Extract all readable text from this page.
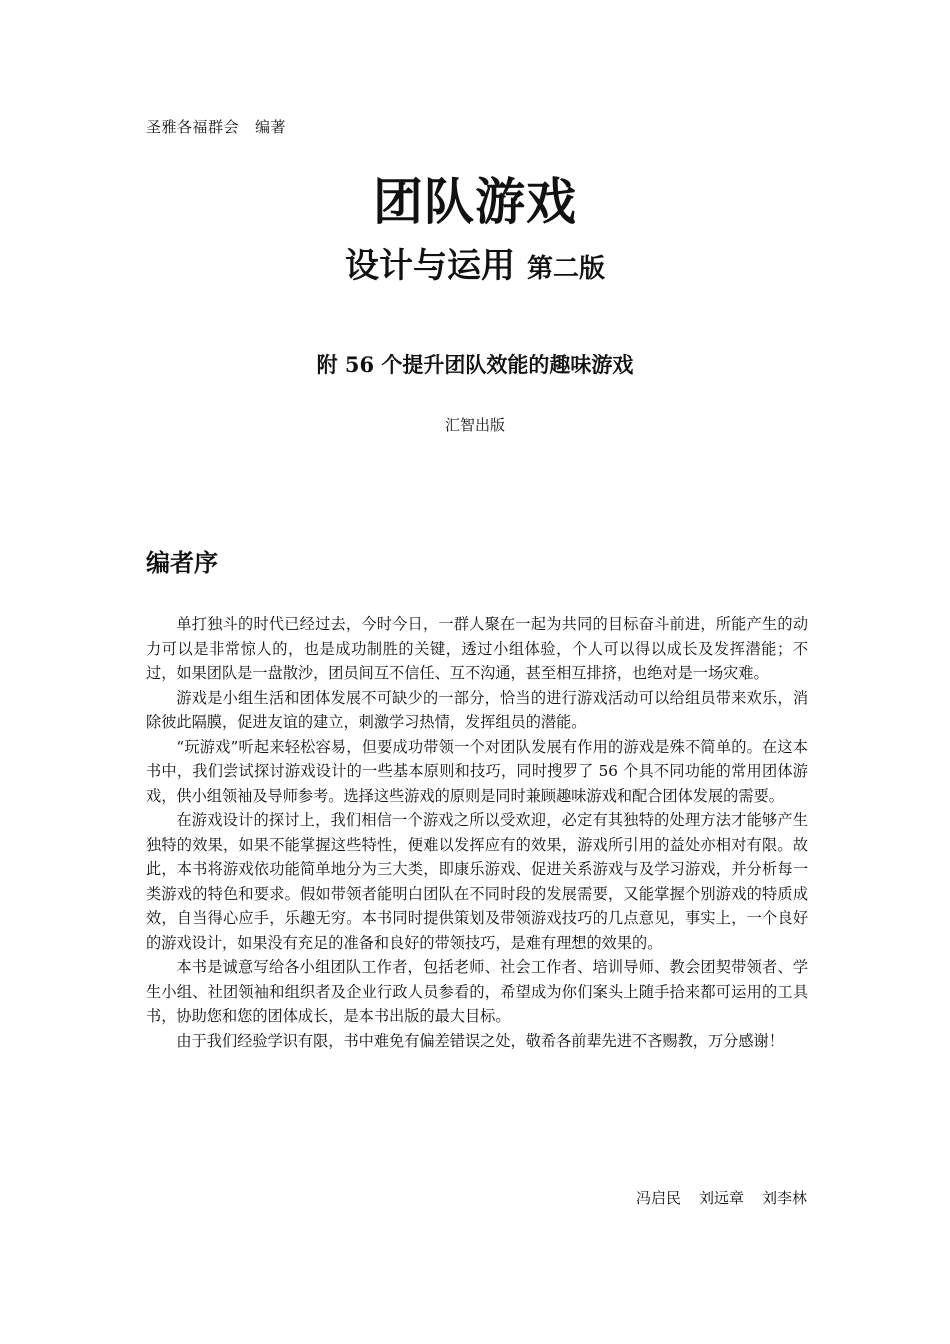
圣雅各福群会 编著
团队游戏
设计与运用 第二版
附 56 个提升团队效能的趣味游戏
汇智出版
编者序

单打独斗的时代已经过去，今时今日，一群人聚在一起为共同的目标奋斗前进，所能产生的动力可以是非常惊人的，也是成功制胜的关键，透过小组体验，个人可以得以成长及发挥潜能；不过，如果团队是一盘散沙，团员间互不信任、互不沟通，甚至相互排挤，也绝对是一场灾难。

游戏是小组生活和团体发展不可缺少的一部分，恰当的进行游戏活动可以给组员带来欢乐，消除彼此隔膜，促进友谊的建立，刺激学习热情，发挥组员的潜能。

“玩游戏”听起来轻松容易，但要成功带领一个对团队发展有作用的游戏是殊不简单的。在这本书中，我们尝试探讨游戏设计的一些基本原则和技巧，同时搜罗了 56 个具不同功能的常用团体游戏，供小组领袖及导师参考。选择这些游戏的原则是同时兼顾趣味游戏和配合团体发展的需要。

在游戏设计的探讨上，我们相信一个游戏之所以受欢迎，必定有其独特的处理方法才能够产生独特的效果，如果不能掌握这些特性，便难以发挥应有的效果，游戏所引用的益处亦相对有限。故此，本书将游戏依功能简单地分为三大类，即康乐游戏、促进关系游戏与及学习游戏，并分析每一类游戏的特色和要求。假如带领者能明白团队在不同时段的发展需要，又能掌握个别游戏的特质成效，自当得心应手，乐趣无穷。本书同时提供策划及带领游戏技巧的几点意见，事实上，一个良好的游戏设计，如果没有充足的准备和良好的带领技巧，是难有理想的效果的。

本书是诚意写给各小组团队工作者，包括老师、社会工作者、培训导师、教会团契带领者、学生小组、社团领袖和组织者及企业行政人员参看的，希望成为你们案头上随手拾来都可运用的工具书，协助您和您的团体成长，是本书出版的最大目标。

由于我们经验学识有限，书中难免有偏差错误之处，敬希各前辈先进不吝赐教，万分感谢！

冯启民 刘远章 刘李林
